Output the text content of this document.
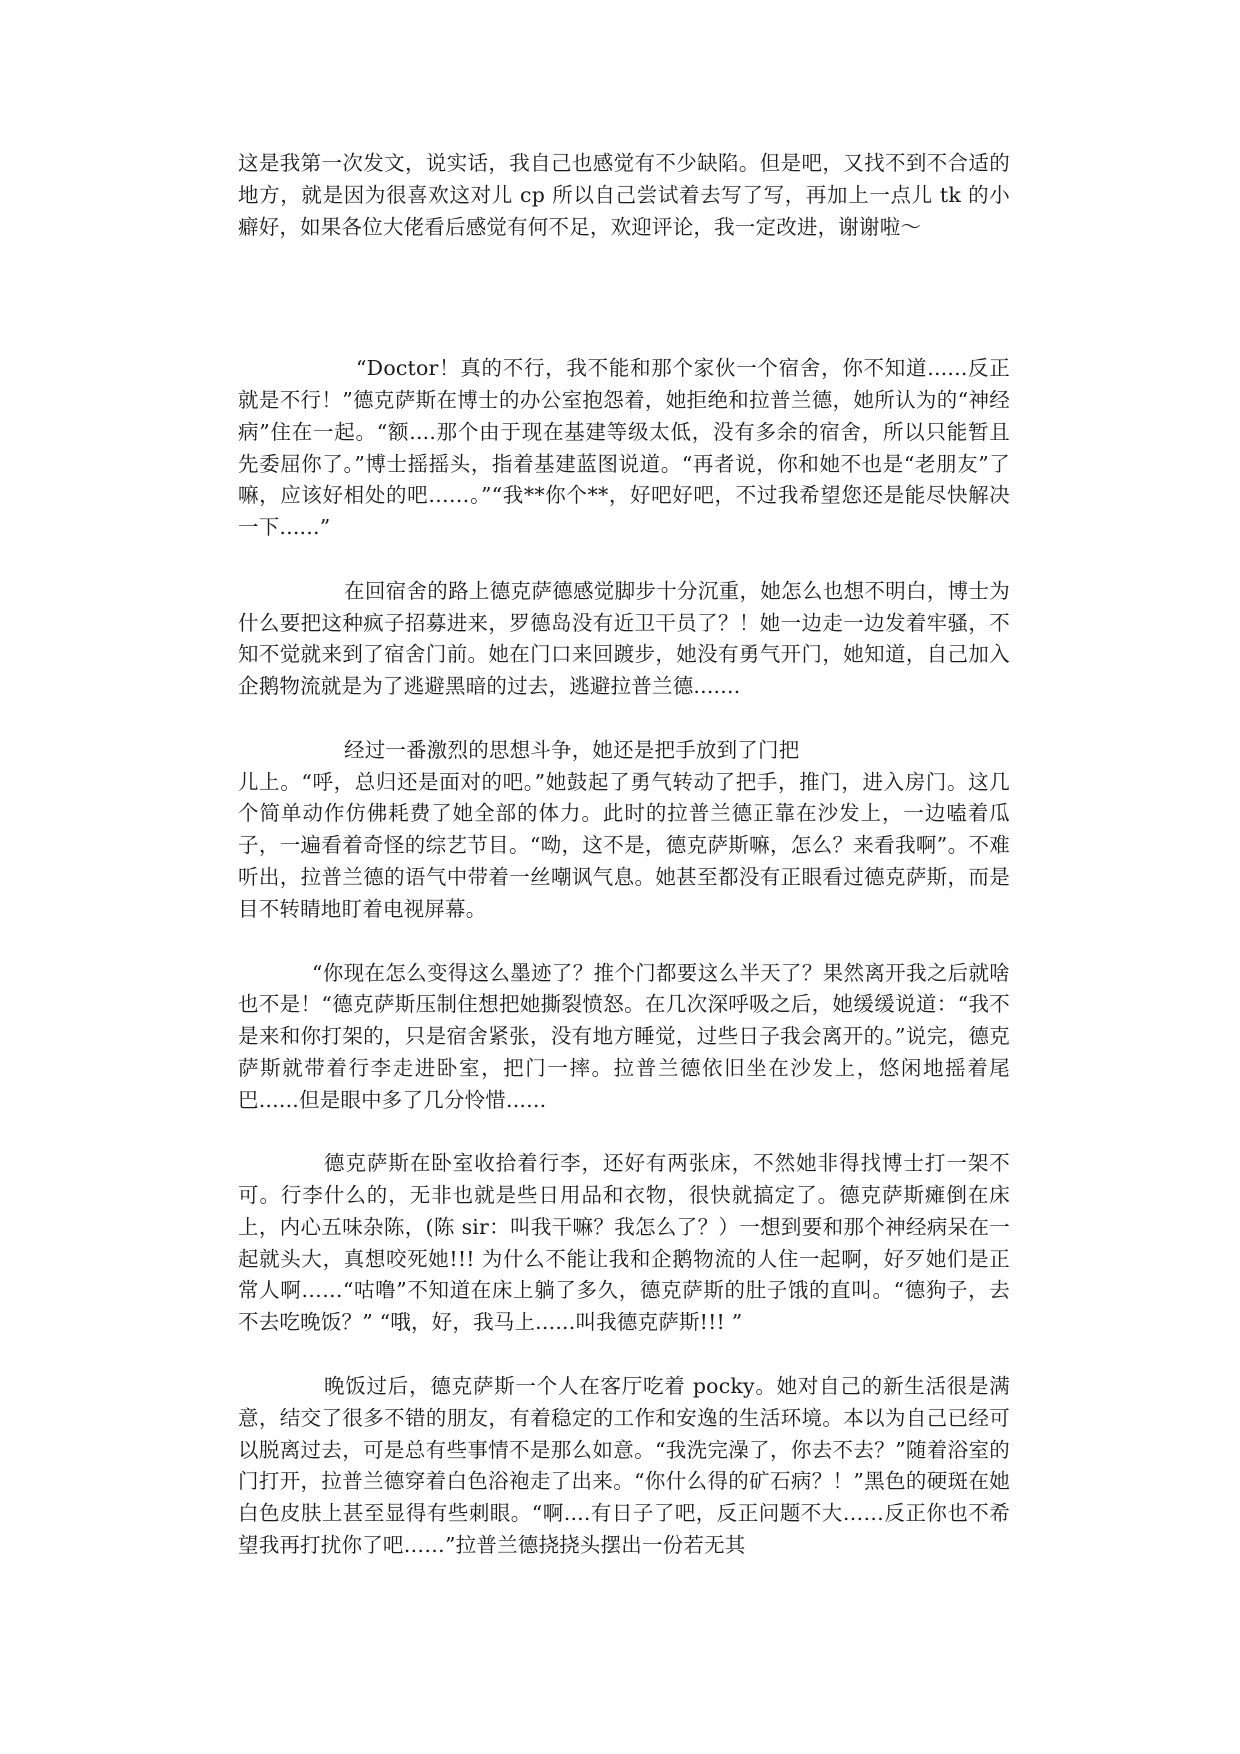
这是我第一次发文，说实话，我自己也感觉有不少缺陷。但是吧，又找不到不合适的地方，就是因为很喜欢这对儿 cp 所以自己尝试着去写了写，再加上一点儿 tk 的小癖好，如果各位大佬看后感觉有何不足，欢迎评论，我一定改进，谢谢啦～

“Doctor！真的不行，我不能和那个家伙一个宿舍，你不知道......反正就是不行！”德克萨斯在博士的办公室抱怨着，她拒绝和拉普兰德，她所认为的“神经病”住在一起。“额....那个由于现在基建等级太低，没有多余的宿舍，所以只能暂且先委屈你了。”博士摇摇头，指着基建蓝图说道。“再者说，你和她不也是“老朋友”了嘛，应该好相处的吧……。”“我**你个**，好吧好吧，不过我希望您还是能尽快解决一下......”

在回宿舍的路上德克萨德感觉脚步十分沉重，她怎么也想不明白，博士为什么要把这种疯子招募进来，罗德岛没有近卫干员了？！她一边走一边发着牢骚，不知不觉就来到了宿舍门前。她在门口来回踱步，她没有勇气开门，她知道，自己加入企鹅物流就是为了逃避黑暗的过去，逃避拉普兰德.......

经过一番激烈的思想斗争，她还是把手放到了门把
儿上。“呼，总归还是面对的吧。”她鼓起了勇气转动了把手，推门，进入房门。这几个简单动作仿佛耗费了她全部的体力。此时的拉普兰德正靠在沙发上，一边嗑着瓜子，一遍看着奇怪的综艺节目。“呦，这不是，德克萨斯嘛，怎么？来看我啊”。不难听出，拉普兰德的语气中带着一丝嘲讽气息。她甚至都没有正眼看过德克萨斯，而是目不转睛地盯着电视屏幕。

“你现在怎么变得这么墨迹了？推个门都要这么半天了？果然离开我之后就啥也不是！“德克萨斯压制住想把她撕裂愤怒。在几次深呼吸之后，她缓缓说道：“我不是来和你打架的，只是宿舍紧张，没有地方睡觉，过些日子我会离开的。”说完，德克萨斯就带着行李走进卧室，把门一摔。拉普兰德依旧坐在沙发上，悠闲地摇着尾巴......但是眼中多了几分怜惜......

德克萨斯在卧室收拾着行李，还好有两张床，不然她非得找博士打一架不可。行李什么的，无非也就是些日用品和衣物，很快就搞定了。德克萨斯瘫倒在床上，内心五味杂陈，(陈 sir：叫我干嘛？我怎么了？）一想到要和那个神经病呆在一起就头大，真想咬死她!!! 为什么不能让我和企鹅物流的人住一起啊，好歹她们是正常人啊……“咕噜”不知道在床上躺了多久，德克萨斯的肚子饿的直叫。“德狗子，去不去吃晚饭？” “哦，好，我马上......叫我德克萨斯!!! ”

晚饭过后，德克萨斯一个人在客厅吃着 pocky。她对自己的新生活很是满意，结交了很多不错的朋友，有着稳定的工作和安逸的生活环境。本以为自己已经可以脱离过去，可是总有些事情不是那么如意。“我洗完澡了，你去不去？”随着浴室的门打开，拉普兰德穿着白色浴袍走了出来。“你什么得的矿石病？！”黑色的硬斑在她白色皮肤上甚至显得有些刺眼。“啊....有日子了吧，反正问题不大……反正你也不希望我再打扰你了吧……”拉普兰德挠挠头摆出一份若无其
